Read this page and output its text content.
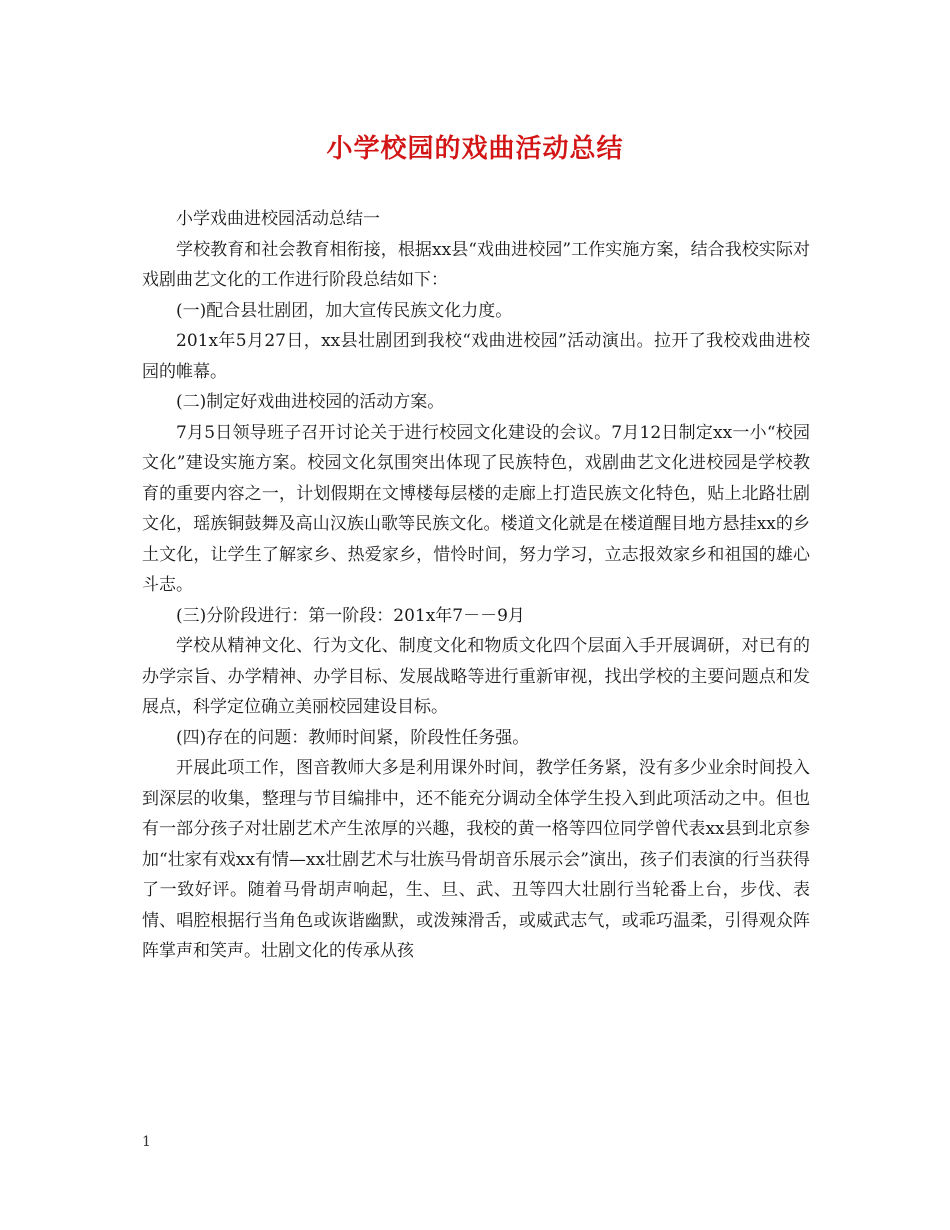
小学校园的戏曲活动总结

小学戏曲进校园活动总结一

学校教育和社会教育相衔接，根据xx县“戏曲进校园”工作实施方案，结合我校实际对戏剧曲艺文化的工作进行阶段总结如下：

(一)配合县壮剧团，加大宣传民族文化力度。

201x年5月27日，xx县壮剧团到我校“戏曲进校园”活动演出。拉开了我校戏曲进校园的帷幕。

(二)制定好戏曲进校园的活动方案。

7月5日领导班子召开讨论关于进行校园文化建设的会议。7月12日制定xx一小“校园文化”建设实施方案。校园文化氛围突出体现了民族特色，戏剧曲艺文化进校园是学校教育的重要内容之一，计划假期在文博楼每层楼的走廊上打造民族文化特色，贴上北路壮剧文化，瑶族铜鼓舞及高山汉族山歌等民族文化。楼道文化就是在楼道醒目地方悬挂xx的乡土文化，让学生了解家乡、热爱家乡，惜怜时间，努力学习，立志报效家乡和祖国的雄心斗志。

(三)分阶段进行：第一阶段：201x年7－－9月

学校从精神文化、行为文化、制度文化和物质文化四个层面入手开展调研，对已有的办学宗旨、办学精神、办学目标、发展战略等进行重新审视，找出学校的主要问题点和发展点，科学定位确立美丽校园建设目标。

(四)存在的问题：教师时间紧，阶段性任务强。

开展此项工作，图音教师大多是利用课外时间，教学任务紧，没有多少业余时间投入到深层的收集，整理与节目编排中，还不能充分调动全体学生投入到此项活动之中。但也有一部分孩子对壮剧艺术产生浓厚的兴趣，我校的黄一格等四位同学曾代表xx县到北京参加“壮家有戏xx有情—xx壮剧艺术与壮族马骨胡音乐展示会”演出，孩子们表演的行当获得了一致好评。随着马骨胡声响起，生、旦、武、丑等四大壮剧行当轮番上台，步伐、表情、唱腔根据行当角色或诙谐幽默，或泼辣滑舌，或威武志气，或乖巧温柔，引得观众阵阵掌声和笑声。壮剧文化的传承从孩

1
